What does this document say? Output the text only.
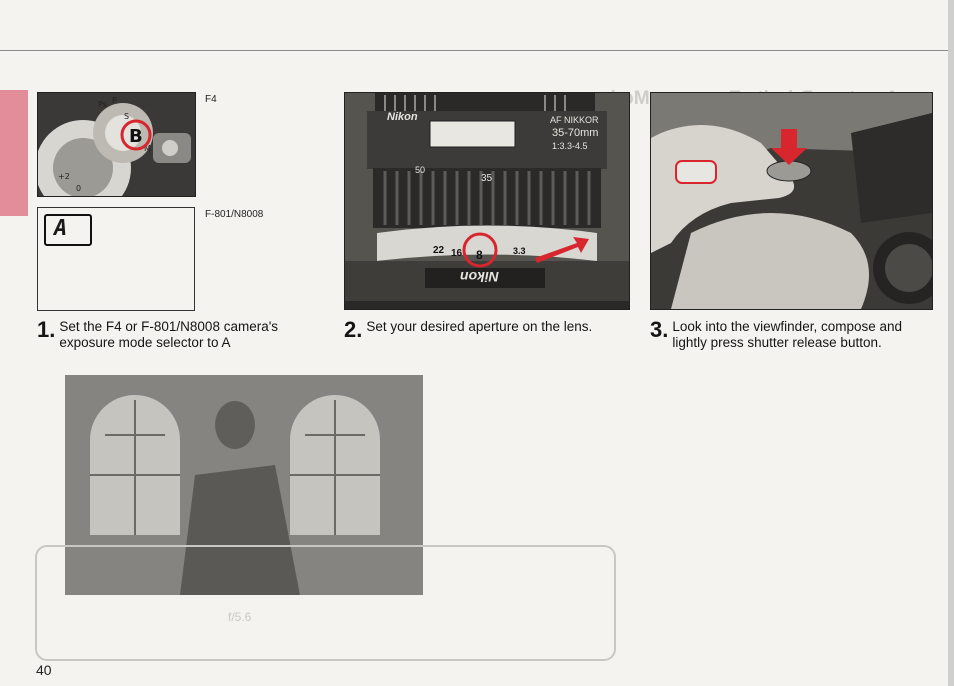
f/5.6
Ps P
S
M
+2
0
B
F4
A
F-801/N8008
Nikon	AF NIKKOR
35-70mm
1:3.3-4.5
35
50
22 16 8	3.3
Nikon
1. Set the F4 or F-801/N8008 camera's exposure mode selector to A
2. Set your desired aperture on the lens.	3. Look into the viewfinder, compose and lightly press shutter release button.
40
